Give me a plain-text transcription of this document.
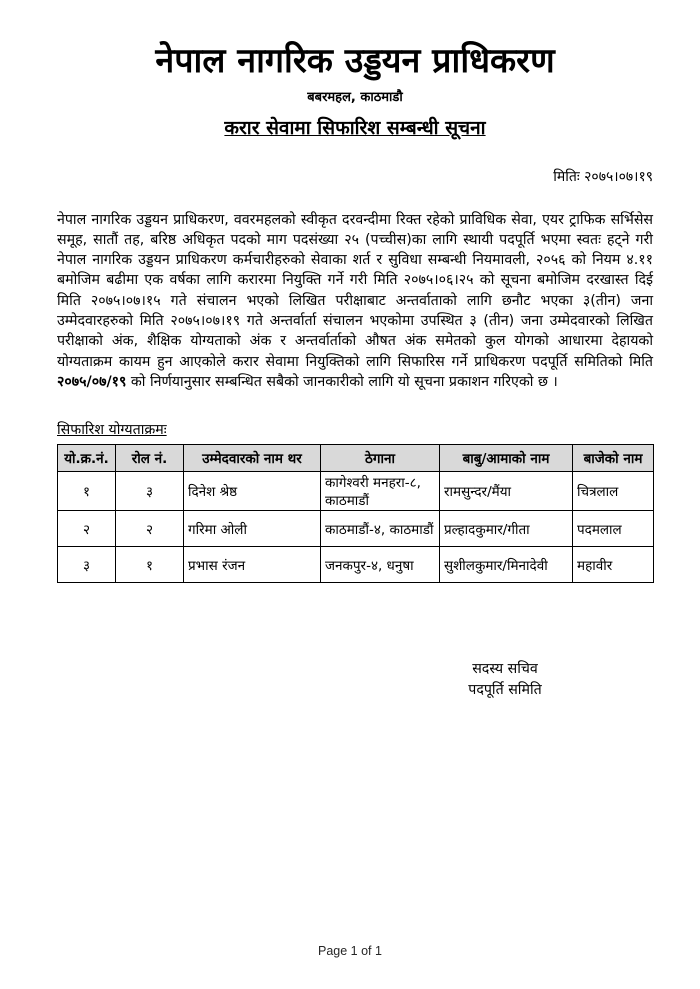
नेपाल नागरिक उड्डयन प्राधिकरण
बबरमहल, काठमाडौ
करार सेवामा सिफारिश सम्बन्धी सूचना
मितिः २०७५।०७।१९

नेपाल नागरिक उड्डयन प्राधिकरण, ववरमहलको स्वीकृत दरवन्दीमा रिक्त रहेको प्राविधिक सेवा, एयर ट्राफिक सर्भिसेस समूह, सातौं तह, बरिष्ठ अधिकृत पदको माग पदसंख्या २५ (पच्चीस)का लागि स्थायी पदपूर्ति भएमा स्वतः हट्ने गरी नेपाल नागरिक उड्डयन प्राधिकरण कर्मचारीहरुको सेवाका शर्त र सुविधा सम्बन्धी नियमावली, २०५६ को नियम ४.११ बमोजिम बढीमा एक वर्षका लागि करारमा नियुक्ति गर्ने गरी मिति २०७५।०६।२५ को सूचना बमोजिम दरखास्त दिई मिति २०७५।०७।१५ गते संचालन भएको लिखित परीक्षाबाट अन्तर्वाताको लागि छनौट भएका ३(तीन) जना उम्मेदवारहरुको मिति २०७५।०७।१९ गते अन्तर्वार्ता संचालन भएकोमा उपस्थित ३ (तीन) जना उम्मेदवारको लिखित परीक्षाको अंक, शैक्षिक योग्यताको अंक र अन्तर्वार्ताको औषत अंक समेतको कुल योगको आधारमा देहायको योग्यताक्रम कायम हुन आएकोले करार सेवामा नियुक्तिको लागि सिफारिस गर्ने प्राधिकरण पदपूर्ति समितिको मिति २०७५/०७/१९ को निर्णयानुसार सम्बन्धित सबैको जानकारीको लागि यो सूचना प्रकाशन गरिएको छ ।

सिफारिश योग्यताक्रमः
यो.क्र.नं.	रोल नं.	उम्मेदवारको नाम थर	ठेगाना	बाबु/आमाको नाम	बाजेको नाम
१	३	दिनेश श्रेष्ठ	कागेश्वरी मनहरा-८, काठमाडौं	रामसुन्दर/मैंया	चित्रलाल
२	२	गरिमा ओली	काठमाडौं-४, काठमाडौं	प्रल्हादकुमार/गीता	पदमलाल
३	१	प्रभास रंजन	जनकपुर-४, धनुषा	सुशीलकुमार/मिनादेवी	महावीर
सदस्य सचिव
पदपूर्ति समिति
Page 1 of 1
